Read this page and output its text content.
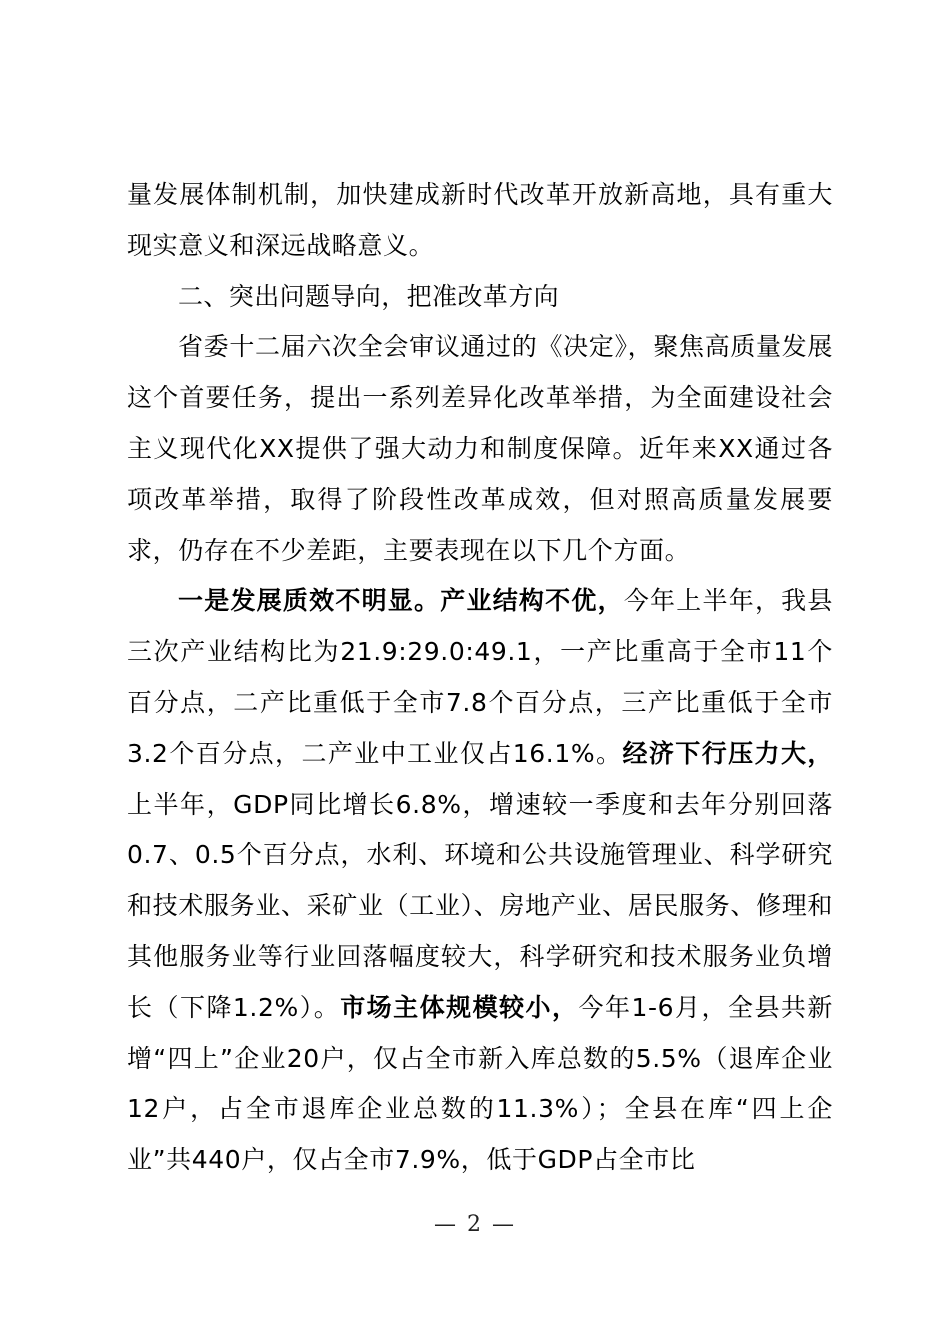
量发展体制机制，加快建成新时代改革开放新高地，具有重大现实意义和深远战略意义。

二、突出问题导向，把准改革方向

省委十二届六次全会审议通过的《决定》，聚焦高质量发展这个首要任务，提出一系列差异化改革举措，为全面建设社会主义现代化XX提供了强大动力和制度保障。近年来XX通过各项改革举措，取得了阶段性改革成效，但对照高质量发展要求，仍存在不少差距，主要表现在以下几个方面。

一是发展质效不明显。产业结构不优，今年上半年，我县三次产业结构比为21.9:29.0:49.1，一产比重高于全市11个百分点，二产比重低于全市7.8个百分点，三产比重低于全市3.2个百分点，二产业中工业仅占16.1%。经济下行压力大，上半年，GDP同比增长6.8%，增速较一季度和去年分别回落0.7、0.5个百分点，水利、环境和公共设施管理业、科学研究和技术服务业、采矿业（工业）、房地产业、居民服务、修理和其他服务业等行业回落幅度较大，科学研究和技术服务业负增长（下降1.2%）。市场主体规模较小，今年1-6月，全县共新增“四上”企业20户，仅占全市新入库总数的5.5%（退库企业12户，占全市退库企业总数的11.3%）；全县在库“四上企业”共440户，仅占全市7.9%，低于GDP占全市比

— 2 —
